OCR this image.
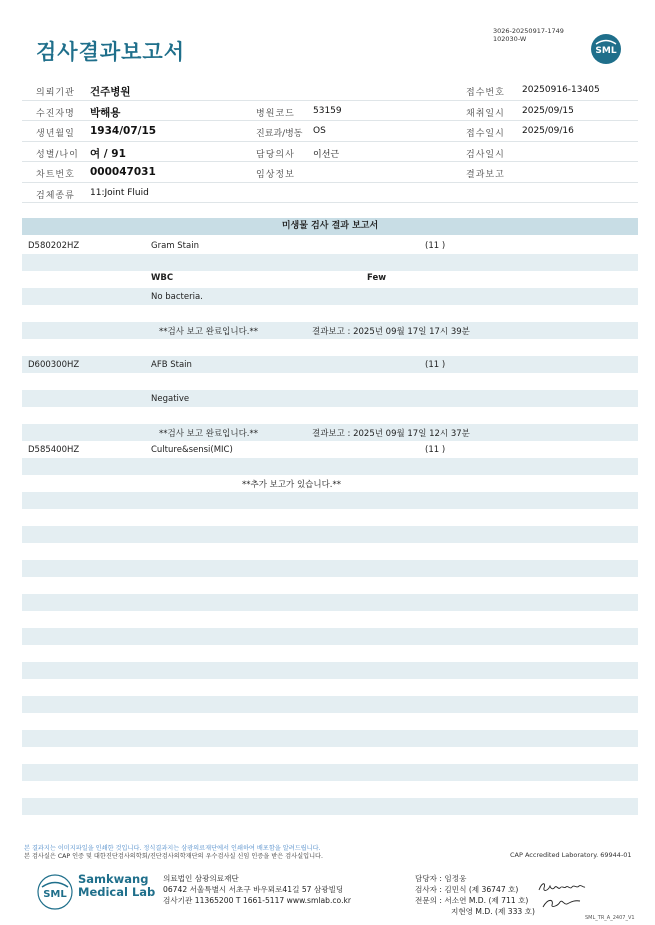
3026-20250917-1749
102030-W
검사결과보고서	SML
의뢰기관 건주병원	접수번호 20250916-13405
수진자명 박해용	병원코드 53159	채취일시 2025/09/15
생년월일 1934/07/15	진료과/병동 OS	접수일시 2025/09/16
성별/나이 여 / 91	담당의사 이선근	검사일시
차트번호 000047031	임상정보	결과보고
검체종류 11:Joint Fluid
미생물 검사 결과 보고서
D580202HZ	Gram Stain	(11 )
WBC	Few
No bacteria.
**검사 보고 완료입니다.**	결과보고 : 2025년 09월 17일 17시 39분
D600300HZ	AFB Stain	(11 )
Negative
**검사 보고 완료입니다.**	결과보고 : 2025년 09월 17일 12시 37분
D585400HZ	Culture&sensi(MIC)	(11 )
**추가 보고가 있습니다.**
본 결과지는 이미지파일을 인쇄한 것입니다. 정식결과지는 삼광의료재단에서 인쇄하여 배포함을 알려드립니다.
본 검사실은 CAP 인증 및 대한진단검사의학회/진단검사의학재단의 우수검사실 신임 인증을 받은 검사실입니다.	CAP Accredited Laboratory. 69944-01
SML
Samkwang
Medical Lab
의료법인 삼광의료재단
06742 서울특별시 서초구 바우뫼로41길 57 삼광빌딩
검사기관 11365200 T 1661-5117 www.smlab.co.kr
담당자 : 임정웅
검사자 : 김민식 (제 36747 호)
전문의 : 서소연 M.D. (제 711 호)
지현영 M.D. (제 333 호)
SML_TR_A_2407_V1
